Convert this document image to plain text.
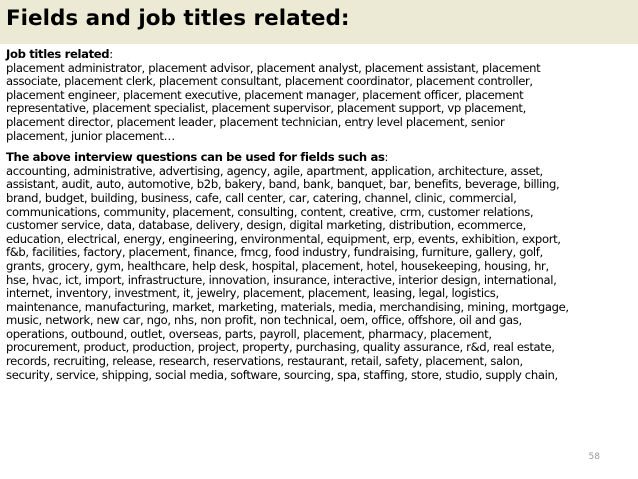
Fields and job titles related:
Job titles related:
placement administrator, placement advisor, placement analyst, placement assistant, placement
associate, placement clerk, placement consultant, placement coordinator, placement controller,
placement engineer, placement executive, placement manager, placement officer, placement
representative, placement specialist, placement supervisor, placement support, vp placement,
placement director, placement leader, placement technician, entry level placement, senior
placement, junior placement…
The above interview questions can be used for fields such as:
accounting, administrative, advertising, agency, agile, apartment, application, architecture, asset,
assistant, audit, auto, automotive, b2b, bakery, band, bank, banquet, bar, benefits, beverage, billing,
brand, budget, building, business, cafe, call center, car, catering, channel, clinic, commercial,
communications, community, placement, consulting, content, creative, crm, customer relations,
customer service, data, database, delivery, design, digital marketing, distribution, ecommerce,
education, electrical, energy, engineering, environmental, equipment, erp, events, exhibition, export,
f&b, facilities, factory, placement, finance, fmcg, food industry, fundraising, furniture, gallery, golf,
grants, grocery, gym, healthcare, help desk, hospital, placement, hotel, housekeeping, housing, hr,
hse, hvac, ict, import, infrastructure, innovation, insurance, interactive, interior design, international,
internet, inventory, investment, it, jewelry, placement, placement, leasing, legal, logistics,
maintenance, manufacturing, market, marketing, materials, media, merchandising, mining, mortgage,
music, network, new car, ngo, nhs, non profit, non technical, oem, office, offshore, oil and gas,
operations, outbound, outlet, overseas, parts, payroll, placement, pharmacy, placement,
procurement, product, production, project, property, purchasing, quality assurance, r&d, real estate,
records, recruiting, release, research, reservations, restaurant, retail, safety, placement, salon,
security, service, shipping, social media, software, sourcing, spa, staffing, store, studio, supply chain,
58
